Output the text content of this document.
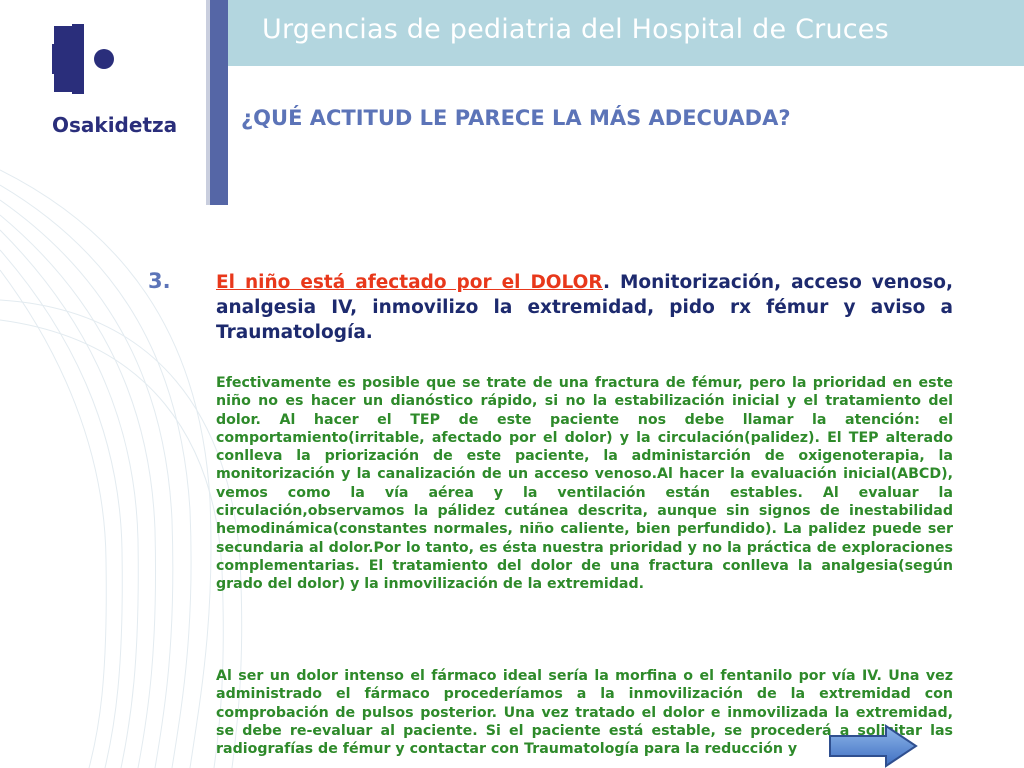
Urgencias de pediatria del Hospital de Cruces
Osakidetza	¿QUÉ ACTITUD LE PARECE LA MÁS ADECUADA?
3. El niño está afectado por el DOLOR. Monitorización, acceso venoso, analgesia IV, inmovilizo la extremidad, pido rx fémur y aviso a Traumatología.

Efectivamente es posible que se trate de una fractura de fémur, pero la prioridad en este niño no es hacer un dianóstico rápido, si no la estabilización inicial y el tratamiento del dolor. Al hacer el TEP de este paciente nos debe llamar la atención: el comportamiento(irritable, afectado por el dolor) y la circulación(palidez). El TEP alterado conlleva la priorización de este paciente, la administarción de oxigenoterapia, la monitorización y la canalización de un acceso venoso.Al hacer la evaluación inicial(ABCD), vemos como la vía aérea y la ventilación están estables. Al evaluar la circulación,observamos la pálidez cutánea descrita, aunque sin signos de inestabilidad hemodinámica(constantes normales, niño caliente, bien perfundido). La palidez puede ser secundaria al dolor.Por lo tanto, es ésta nuestra prioridad y no la práctica de exploraciones complementarias. El tratamiento del dolor de una fractura conlleva la analgesia(según grado del dolor) y la inmovilización de la extremidad.

Al ser un dolor intenso el fármaco ideal sería la morfina o el fentanilo por vía IV. Una vez administrado el fármaco procederíamos a la inmovilización de la extremidad con comprobación de pulsos posterior. Una vez tratado el dolor e inmovilizada la extremidad, se debe re-evaluar al paciente. Si el paciente está estable, se procederá a solicitar las radiografías de fémur y contactar con Traumatología para la reducción y
